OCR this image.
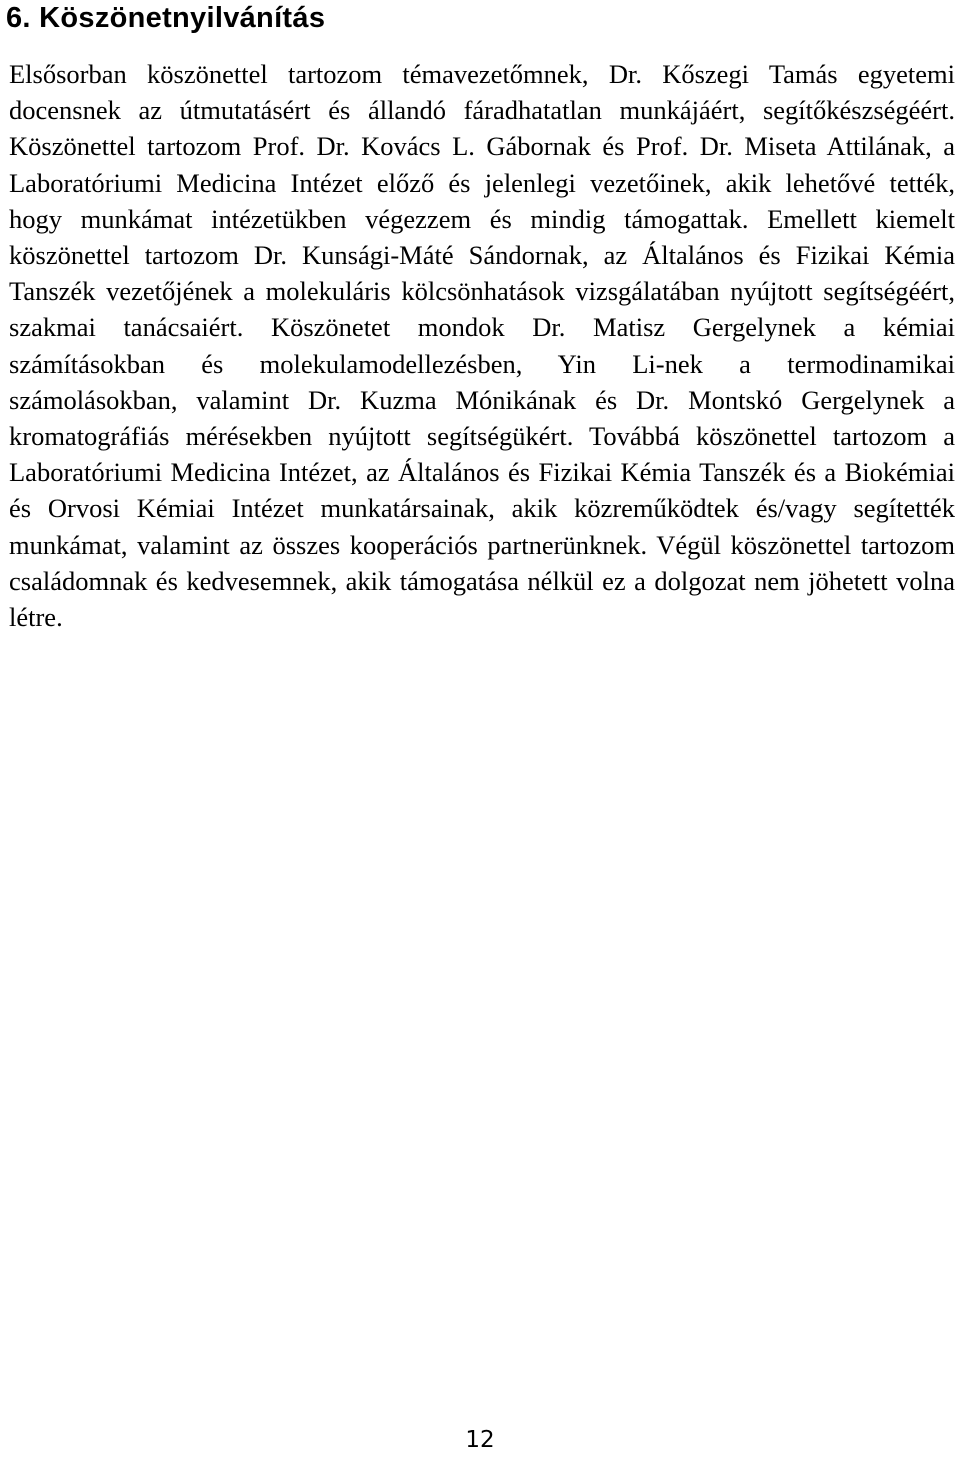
6. Köszönetnyilvánítás

Elsősorban köszönettel tartozom témavezetőmnek, Dr. Kőszegi Tamás egyetemi docensnek az útmutatásért és állandó fáradhatatlan munkájáért, segítőkészségéért. Köszönettel tartozom Prof. Dr. Kovács L. Gábornak és Prof. Dr. Miseta Attilának, a Laboratóriumi Medicina Intézet előző és jelenlegi vezetőinek, akik lehetővé tették, hogy munkámat intézetükben végezzem és mindig támogattak. Emellett kiemelt köszönettel tartozom Dr. Kunsági-Máté Sándornak, az Általános és Fizikai Kémia Tanszék vezetőjének a molekuláris kölcsönhatások vizsgálatában nyújtott segítségéért, szakmai tanácsaiért. Köszönetet mondok Dr. Matisz Gergelynek a kémiai számításokban és molekulamodellezésben, Yin Li-nek a termodinamikai számolásokban, valamint Dr. Kuzma Mónikának és Dr. Montskó Gergelynek a kromatográfiás mérésekben nyújtott segítségükért. Továbbá köszönettel tartozom a Laboratóriumi Medicina Intézet, az Általános és Fizikai Kémia Tanszék és a Biokémiai és Orvosi Kémiai Intézet munkatársainak, akik közreműködtek és/vagy segítették munkámat, valamint az összes kooperációs partnerünknek. Végül köszönettel tartozom családomnak és kedvesemnek, akik támogatása nélkül ez a dolgozat nem jöhetett volna létre.

12
